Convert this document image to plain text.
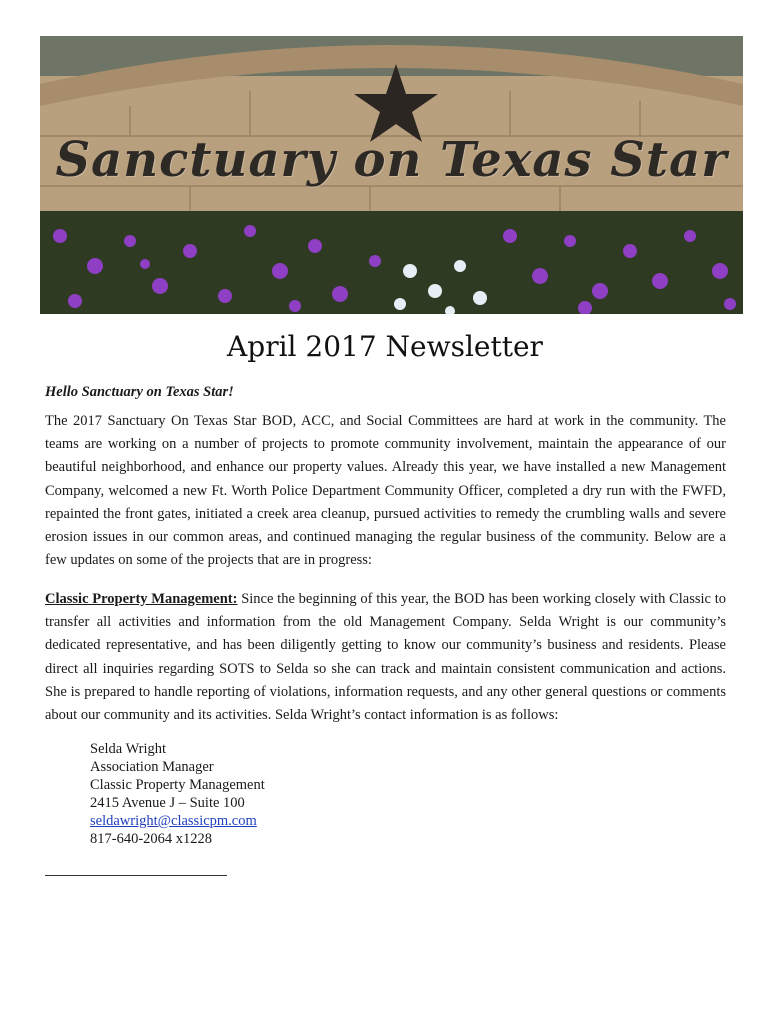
Sanctuary on Texas Star
April 2017 Newsletter
Hello Sanctuary on Texas Star!

The 2017 Sanctuary On Texas Star BOD, ACC, and Social Committees are hard at work in the community. The teams are working on a number of projects to promote community involvement, maintain the appearance of our beautiful neighborhood, and enhance our property values. Already this year, we have installed a new Management Company, welcomed a new Ft. Worth Police Department Community Officer, completed a dry run with the FWFD, repainted the front gates, initiated a creek area cleanup, pursued activities to remedy the crumbling walls and severe erosion issues in our common areas, and continued managing the regular business of the community. Below are a few updates on some of the projects that are in progress:

Classic Property Management: Since the beginning of this year, the BOD has been working closely with Classic to transfer all activities and information from the old Management Company. Selda Wright is our community’s dedicated representative, and has been diligently getting to know our community’s business and residents. Please direct all inquiries regarding SOTS to Selda so she can track and maintain consistent communication and actions. She is prepared to handle reporting of violations, information requests, and any other general questions or comments about our community and its activities. Selda Wright’s contact information is as follows:

Selda Wright
Association Manager
Classic Property Management
2415 Avenue J – Suite 100
seldawright@classicpm.com
817-640-2064 x1228
